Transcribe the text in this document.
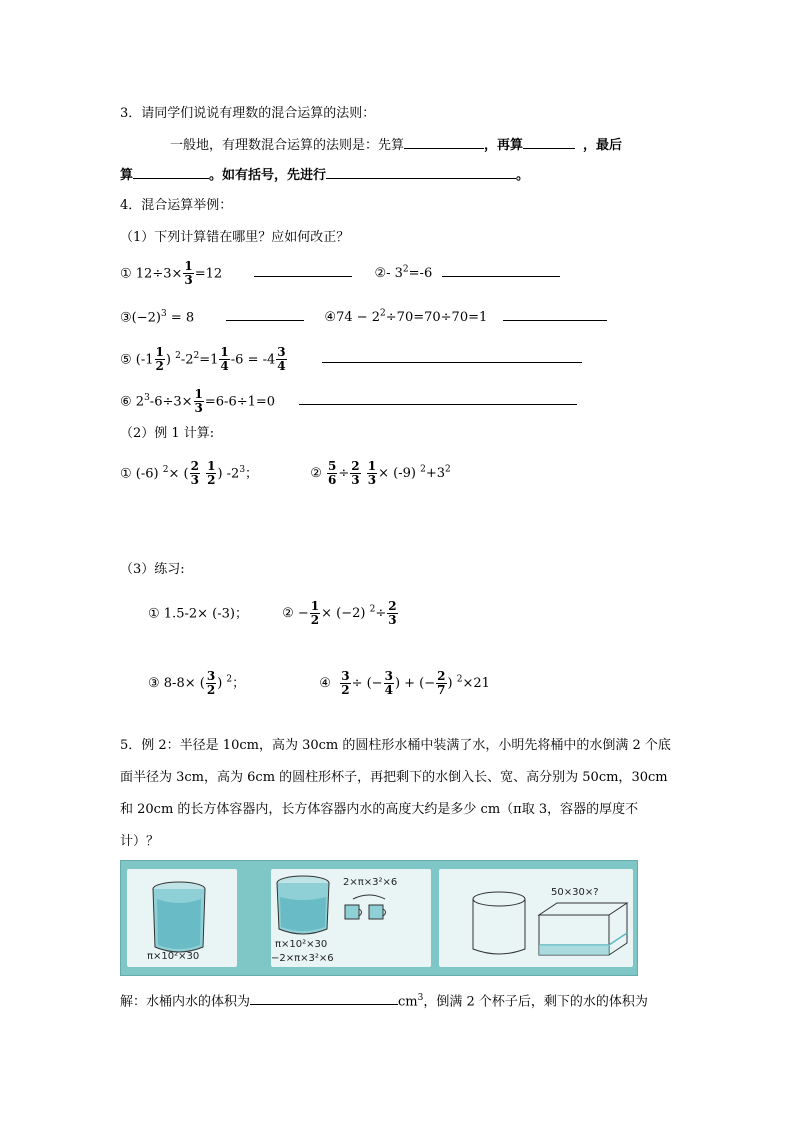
3．请同学们说说有理数的混合运算的法则：
一般地，有理数混合运算的法则是：先算	，再算	，最后
算	。如有括号，先进行	。
4．混合运算举例：
（1）下列计算错在哪里？应如何改正？
① $12\div 3\times \frac{1}{3} =12$	②- $3^2=-6$
$③(-2)^3 = 8$	④74 − $2^2\div 70=70\div 70=1$
⑤ ($-1 \frac{1}{2}$ ) $^2-2^2=1 \frac{1}{4} -6 = -4 \frac{3}{4}$

⑥ $2^3-6\div 3\times \frac{1}{3} =6-6\div 1=0$
（2）例 1 计算:
① (-6) $^2$× ( $\frac{2}{3}$
$\frac{1}{2}$ ) $-2^3$；	② $\frac{5}{6} \div \frac{2}{3}$
$\frac{1}{3} \times (-9)$ $^2+3^2$
（3）练习:
① 1.5-2× (-3)；	② − $\frac{1}{2} \times (-2)$ $^2\div \frac{2}{3}$
③ 8-8× ( $\frac{3}{2}$ ) $^2$；	④ $\frac{3}{2}$ ÷ (− $\frac{3}{4}$ ) + (− $\frac{2}{7}$ ) $^2$×21
5．例 2：半径是 10cm，高为 30cm 的圆柱形水桶中装满了水，小明先将桶中的水倒满 2 个底
面半径为 3cm，高为 6cm 的圆柱形杯子，再把剩下的水倒入长、宽、高分别为 50cm，30cm
和 20cm 的长方体容器内，长方体容器内水的高度大约是多少 cm（π取 3，容器的厚度不
计）？
π×10²×30
2×π×3²×6
π×10²×30
−2×π×3²×6
50×30×?
解：水桶内水的体积为	$cm^3$，倒满 2 个杯子后，剩下的水的体积为
